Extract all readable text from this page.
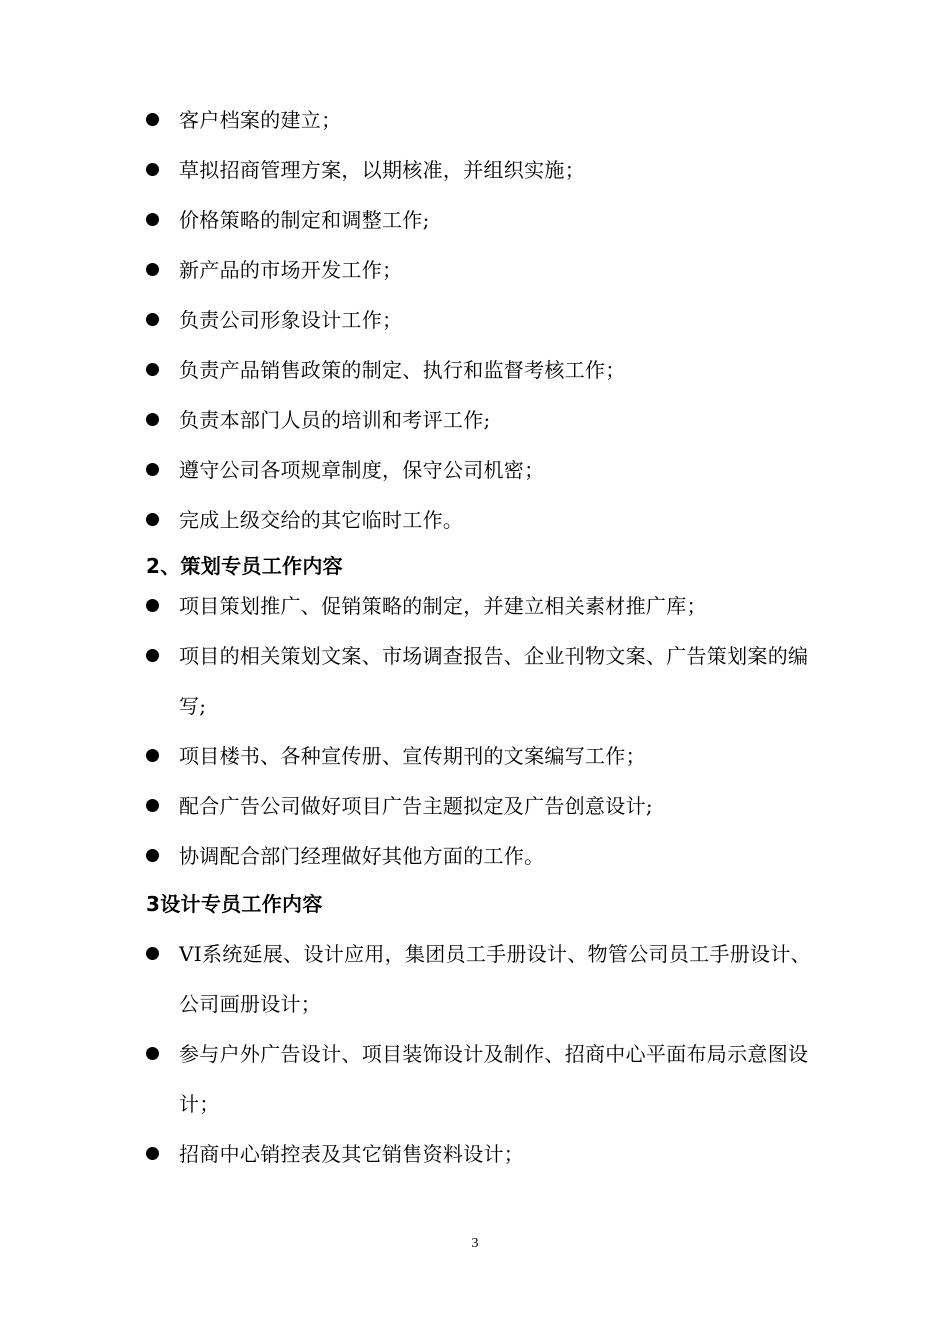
客户档案的建立；
草拟招商管理方案，以期核准，并组织实施；
价格策略的制定和调整工作;
新产品的市场开发工作；
负责公司形象设计工作；
负责产品销售政策的制定、执行和监督考核工作；
负责本部门人员的培训和考评工作;
遵守公司各项规章制度，保守公司机密；
完成上级交给的其它临时工作。
2、策划专员工作内容
项目策划推广、促销策略的制定，并建立相关素材推广库；
项目的相关策划文案、市场调查报告、企业刊物文案、广告策划案的编写;
项目楼书、各种宣传册、宣传期刊的文案编写工作；
配合广告公司做好项目广告主题拟定及广告创意设计;
协调配合部门经理做好其他方面的工作。
3设计专员工作内容
VI系统延展、设计应用，集团员工手册设计、物管公司员工手册设计、公司画册设计；
参与户外广告设计、项目装饰设计及制作、招商中心平面布局示意图设计；
招商中心销控表及其它销售资料设计；
3
